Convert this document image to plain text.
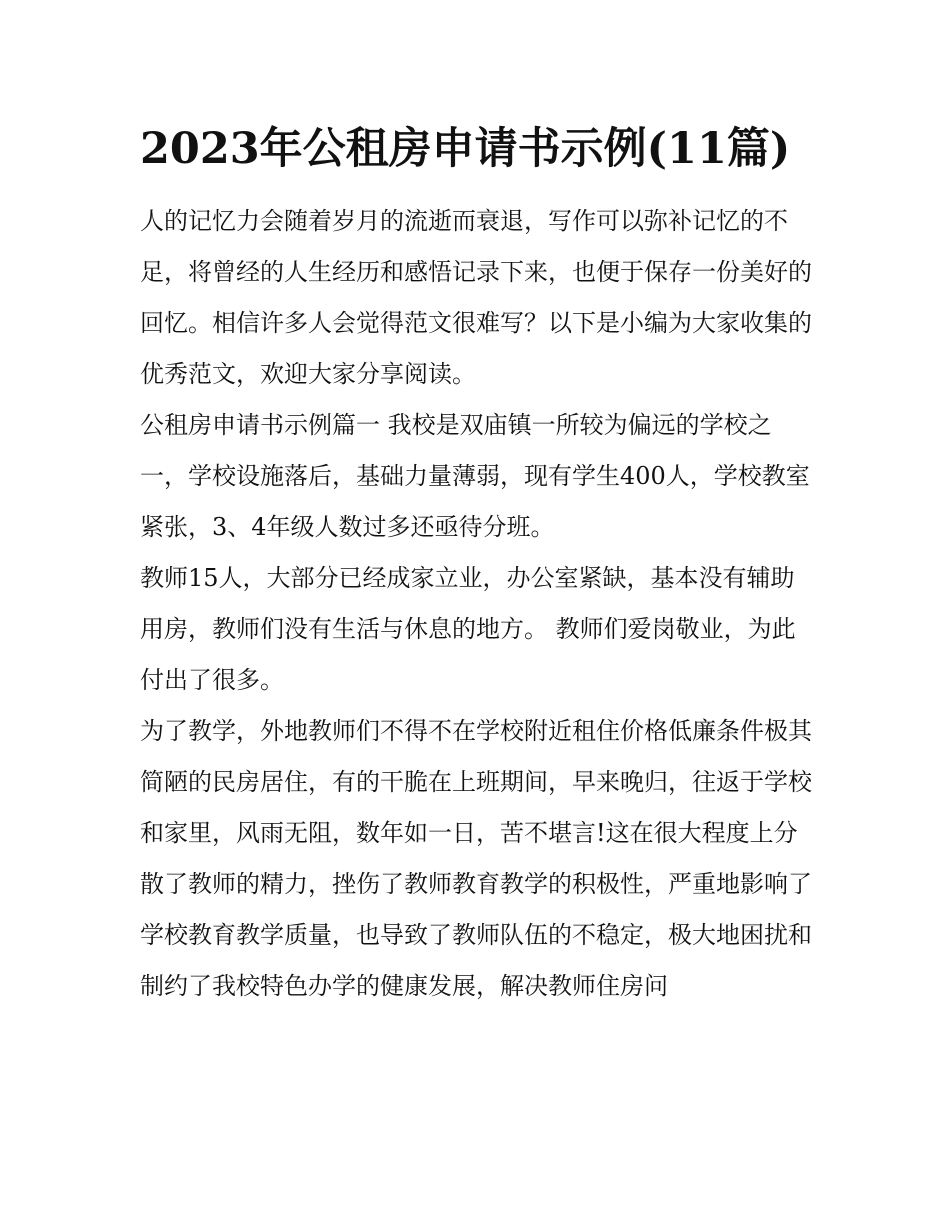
2023年公租房申请书示例(11篇)

人的记忆力会随着岁月的流逝而衰退，写作可以弥补记忆的不足，将曾经的人生经历和感悟记录下来，也便于保存一份美好的回忆。相信许多人会觉得范文很难写？以下是小编为大家收集的优秀范文，欢迎大家分享阅读。

公租房申请书示例篇一 我校是双庙镇一所较为偏远的学校之一，学校设施落后，基础力量薄弱，现有学生400人，学校教室紧张，3、4年级人数过多还亟待分班。

教师15人，大部分已经成家立业，办公室紧缺，基本没有辅助用房，教师们没有生活与休息的地方。 教师们爱岗敬业，为此付出了很多。

为了教学，外地教师们不得不在学校附近租住价格低廉条件极其简陋的民房居住，有的干脆在上班期间，早来晚归，往返于学校和家里，风雨无阻，数年如一日，苦不堪言!这在很大程度上分散了教师的精力，挫伤了教师教育教学的积极性，严重地影响了学校教育教学质量，也导致了教师队伍的不稳定，极大地困扰和制约了我校特色办学的健康发展，解决教师住房问
